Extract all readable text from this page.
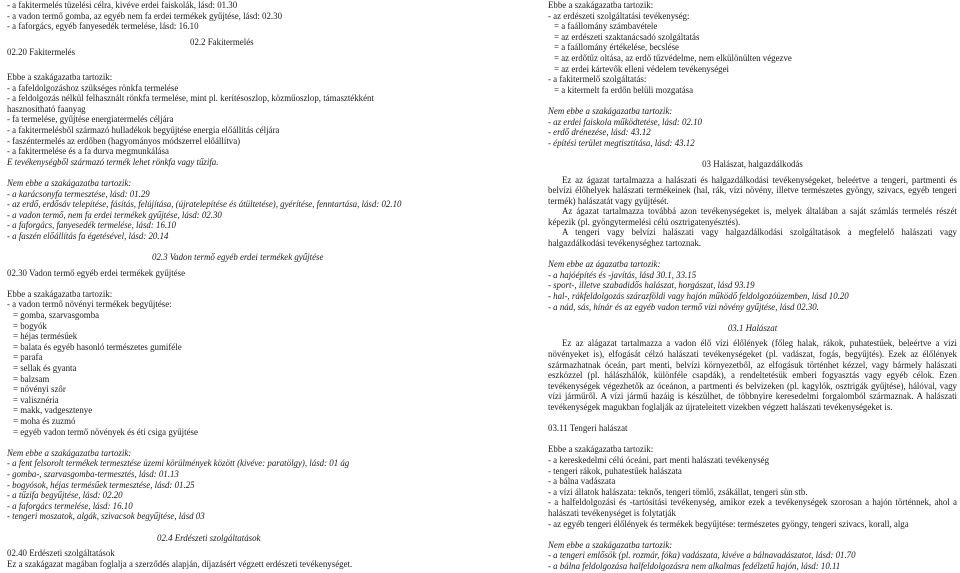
- a fakitermelés tüzelési célra, kivéve erdei faiskolák, lásd: 01.30
- a vadon termő gomba, az egyéb nem fa erdei termékek gyűjtése, lásd: 02.30
- a faforgács, egyéb fanyesedék termelése, lásd: 16.10
02.2 Fakitermelés
02.20 Fakitermelés
Ebbe a szakágazatba tartozik:
- a fafeldolgozáshoz szükséges rönkfa termelése
- a feldolgozás nélkül felhasznált rönkfa termelése, mint pl. kerítésoszlop, közműoszlop, támasztékként
hasznosítható faanyag
- fa termelése, gyűjtése energiatermelés céljára
- a fakitermelésből származó hulladékok begyűjtése energia előállítás céljára
- faszéntermelés az erdőben (hagyományos módszerrel előállítva)
- a fakitermelése és a fa durva megmunkálása
E tevékenységből származó termék lehet rönkfa vagy tűzifa.
Nem ebbe a szakágazatba tartozik:
- a karácsonyfa termesztése, lásd: 01.29
- az erdő, erdősáv telepítése, fásítás, felújítása, (újratelepítése és átültetése), gyérítése, fenntartása, lásd: 02.10
- a vadon termő, nem fa erdei termékek gyűjtése, lásd: 02.30
- a faforgács, fanyesedék termelése, lásd: 16.10
- a faszén előállítás fa égetésével, lásd: 20.14
02.3 Vadon termő egyéb erdei termékek gyűjtése
02.30 Vadon termő egyéb erdei termékek gyűjtése
Ebbe a szakágazatba tartozik:
- a vadon termő növényi termékek begyűjtése:
= gomba, szarvasgomba
= bogyók
= héjas termésűek
= balata és egyéb hasonló természetes gumiféle
= parafa
= sellak és gyanta
= balzsam
= növényi szőr
= valisznéria
= makk, vadgesztenye
= moha és zuzmó
= egyéb vadon termő növények és éti csiga gyűjtése
Nem ebbe a szakágazatba tartozik:
- a fent felsorolt termékek termesztése üzemi körülmények között (kivéve: paratölgy), lásd: 01 ág
- gomba-, szarvasgomba-termesztés, lásd: 01.13
- bogyósok, héjas termésűek termesztése, lásd: 01.25
- a tűzifa begyűjtése, lásd: 02.20
- a faforgács termelése, lásd: 16.10
- tengeri moszatok, algák, szivacsok begyűjtése, lásd 03
02.4 Erdészeti szolgáltatások
02.40 Erdészeti szolgáltatások
Ez a szakágazat magában foglalja a szerződés alapján, díjazásért végzett erdészeti tevékenységet.
Ebbe a szakágazatba tartozik:
- az erdészeti szolgáltatási tevékenység:
= a faállomány számbavétele
= az erdészeti szaktanácsadó szolgáltatás
= a faállomány értékelése, becslése
= az erdőtűz oltása, az erdő tűzvédelme, nem elkülönülten végezve
= az erdei kártevők elleni védelem tevékenységei
- a fakitermelő szolgáltatás:
= a kitermelt fa erdőn belüli mozgatása
Nem ebbe a szakágazatba tartozik:
- az erdei faiskola működtetése, lásd: 02.10
- erdő drénezése, lásd: 43.12
- építési terület megtisztítása, lásd: 43.12
03 Halászat, halgazdálkodás
Ez az ágazat tartalmazza a halászati és halgazdálkodási tevékenységeket, beleértve a tengeri, partmenti és belvízi élőhelyek halászati termékeinek (hal, rák, vízi növény, illetve természetes gyöngy, szivacs, egyéb tengeri termék) halászatát vagy gyűjtését.
Az ágazat tartalmazza továbbá azon tevékenységeket is, melyek általában a saját számlás termelés részét képezik (pl. gyöngytermelési célú osztrigatenyésztés).
A tengeri vagy belvízi halászati vagy halgazdálkodási szolgáltatások a megfelelő halászati vagy halgazdálkodási tevékenységhez tartoznak.
Nem ebbe az ágazatba tartozik:
- a hajóépítés és -javítás, lásd 30.1, 33.15
- sport-, illetve szabadidős halászat, horgászat, lásd 93.19
- hal-, rákfeldolgozás szárazföldi vagy hajón működő feldolgozóüzemben, lásd 10.20
- a nád, sás, hínár és az egyéb vadon termő vízi növény gyűjtése, lásd 02.30.
03.1 Halászat
Ez az alágazat tartalmazza a vadon élő vízi élőlények (főleg halak, rákok, puhatestűek, beleértve a vízi növényeket is), elfogását célzó halászati tevékenységeket (pl. vadászat, fogás, begyűjtés). Ezek az élőlények származhatnak óceán, part menti, belvízi környezetből, az elfogásuk történhet kézzel, vagy bármely halászati eszközzel (pl. hálászhálók, különféle csapdák), a rendeltetésük emberi fogyasztás vagy egyéb célok. Ezen tevékenységek végezhetők az óceánon, a partmenti és belvizeken (pl. kagylók, osztrigák gyűjtése), hálóval, vagy vízi járműről. A vízi jármű hazáig is készülhet, de többnyire keresedelmi forgalomból származnak. A halászati tevékenységek magukban foglalják az újrateleitett vizekben végzett halászati tevékenységeket is.
03.11 Tengeri halászat
Ebbe a szakágazatba tartozik:
- a kereskedelmi célú óceáni, part menti halászati tevékenység
- tengeri rákok, puhatestűek halászata
- a bálna vadászata
- a vízi állatok halászata: teknős, tengeri tömlő, zsákállat, tengeri sün stb.
- a halfeldolgozási és -tartósítási tevékenység, amikor ezek a tevékenységek szorosan a hajón történnek, ahol a halászati tevékenységet is folytatják
- az egyéb tengeri élőlények és termékek begyűjtése: természetes gyöngy, tengeri szivacs, korall, alga
Nem ebbe a szakágazatba tartozik:
- a tengeri emlősök (pl. rozmár, fóka) vadászata, kivéve a bálnavadászatot, lásd: 01.70
- a bálna feldolgozása halfeldolgozásra nem alkalmas fedélzetű hajón, lásd: 10.11
